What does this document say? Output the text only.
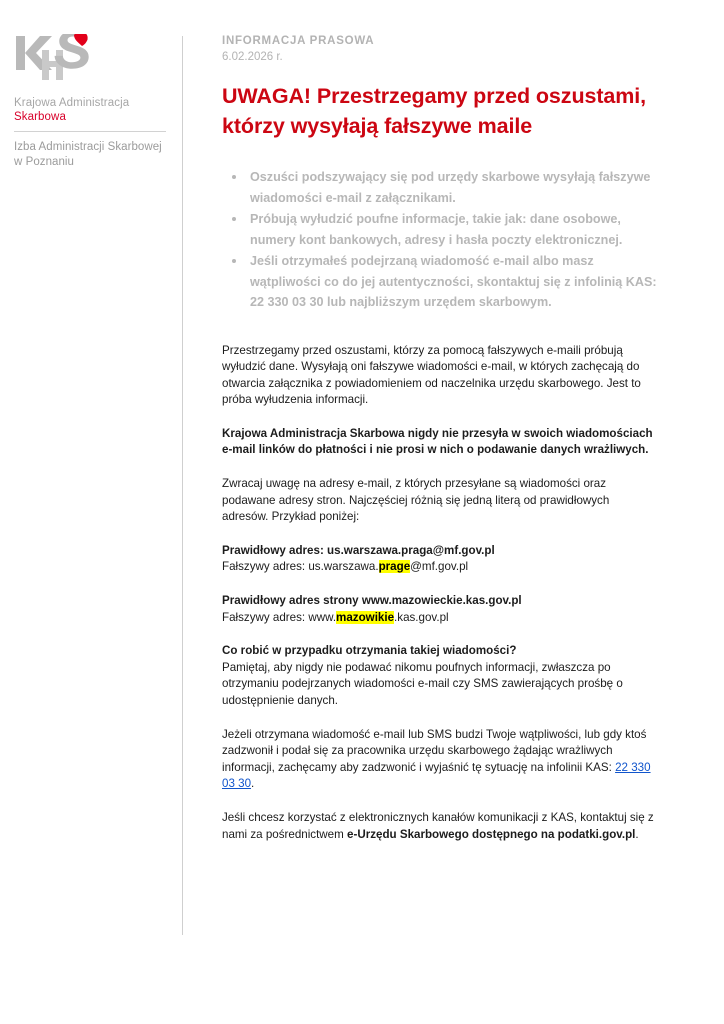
Krajowa Administracja
Skarbowa
Izba Administracji Skarbowej
w Poznaniu
INFORMACJA PRASOWA
6.02.2026 r.
UWAGA! Przestrzegamy przed oszustami, którzy wysyłają fałszywe maile
Oszuści podszywający się pod urzędy skarbowe wysyłają fałszywe wiadomości e-mail z załącznikami.
Próbują wyłudzić poufne informacje, takie jak: dane osobowe, numery kont bankowych, adresy i hasła poczty elektronicznej.
Jeśli otrzymałeś podejrzaną wiadomość e-mail albo masz wątpliwości co do jej autentyczności, skontaktuj się z infolinią KAS: 22 330 03 30 lub najbliższym urzędem skarbowym.

Przestrzegamy przed oszustami, którzy za pomocą fałszywych e-maili próbują wyłudzić dane. Wysyłają oni fałszywe wiadomości e-mail, w których zachęcają do otwarcia załącznika z powiadomieniem od naczelnika urzędu skarbowego. Jest to próba wyłudzenia informacji.

Krajowa Administracja Skarbowa nigdy nie przesyła w swoich wiadomościach e-mail linków do płatności i nie prosi w nich o podawanie danych wrażliwych.

Zwracaj uwagę na adresy e-mail, z których przesyłane są wiadomości oraz podawane adresy stron. Najczęściej różnią się jedną literą od prawidłowych adresów. Przykład poniżej:

Prawidłowy adres: us.warszawa.praga@mf.gov.pl
Fałszywy adres: us.warszawa.prage@mf.gov.pl
Prawidłowy adres strony www.mazowieckie.kas.gov.pl
Fałszywy adres: www.mazowikie.kas.gov.pl

Co robić w przypadku otrzymania takiej wiadomości?
Pamiętaj, aby nigdy nie podawać nikomu poufnych informacji, zwłaszcza po otrzymaniu podejrzanych wiadomości e-mail czy SMS zawierających prośbę o udostępnienie danych.

Jeżeli otrzymana wiadomość e-mail lub SMS budzi Twoje wątpliwości, lub gdy ktoś zadzwonił i podał się za pracownika urzędu skarbowego żądając wrażliwych informacji, zachęcamy aby zadzwonić i wyjaśnić tę sytuację na infolinii KAS: 22 330 03 30.

Jeśli chcesz korzystać z elektronicznych kanałów komunikacji z KAS, kontaktuj się z nami za pośrednictwem e-Urzędu Skarbowego dostępnego na podatki.gov.pl.
